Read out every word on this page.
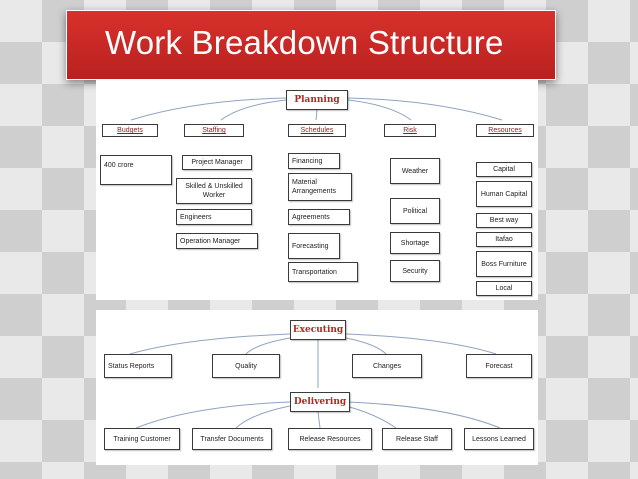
Work Breakdown Structure
Planning
Budgets	Staffing	Schedules	Risk	Resources
400 crore	Project Manager
Skilled & Unskilled Worker
Engineers
Operation Manager
Financing
Material Arrangements
Agreements
Forecasting
Transportation
Weather
Political
Shortage
Security
Capital
Human Capital
Best way
Itafao
Boss Furniture
Local
Executing
Status Reports	Quality	Changes	Forecast
Delivering
Training Customer	Transfer Documents	Release Resources	Release Staff	Lessons Learned
